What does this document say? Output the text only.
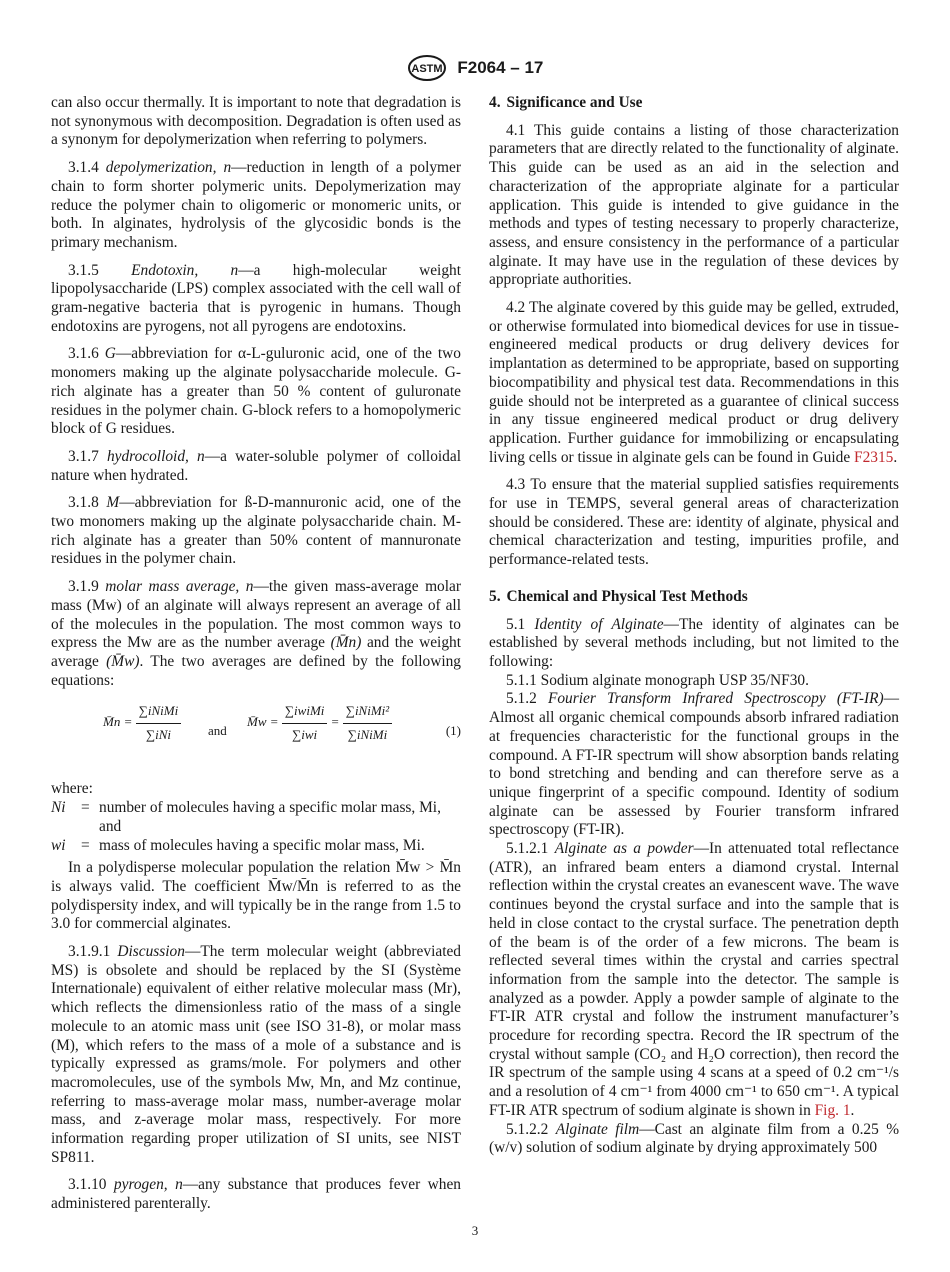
ASTM F2064 – 17

can also occur thermally. It is important to note that degradation is not synonymous with decomposition. Degradation is often used as a synonym for depolymerization when referring to polymers.

3.1.4 depolymerization, n—reduction in length of a polymer chain to form shorter polymeric units. Depolymerization may reduce the polymer chain to oligomeric or monomeric units, or both. In alginates, hydrolysis of the glycosidic bonds is the primary mechanism.

3.1.5 Endotoxin, n—a high-molecular weight lipopolysaccharide (LPS) complex associated with the cell wall of gram-negative bacteria that is pyrogenic in humans. Though endotoxins are pyrogens, not all pyrogens are endotoxins.

3.1.6 G—abbreviation for α-L-guluronic acid, one of the two monomers making up the alginate polysaccharide molecule. G-rich alginate has a greater than 50 % content of guluronate residues in the polymer chain. G-block refers to a homopolymeric block of G residues.

3.1.7 hydrocolloid, n—a water-soluble polymer of colloidal nature when hydrated.

3.1.8 M—abbreviation for ß-D-mannuronic acid, one of the two monomers making up the alginate polysaccharide chain. M-rich alginate has a greater than 50% content of mannuronate residues in the polymer chain.

3.1.9 molar mass average, n—the given mass-average molar mass (Mw) of an alginate will always represent an average of all of the molecules in the population. The most common ways to express the Mw are as the number average (M̄n) and the weight average (M̄w). The two averages are defined by the following equations:

M̄n = $\frac{\text{∑iNiMi}}{\text{∑iNi}}$ and
M̄w = $\frac{\text{∑iwiMi}}{\text{∑iwi}} = \frac{\text{∑iNiMi²}}{\text{∑iNiMi}}$	(1)

where:

Ni	= number of molecules having a specific molar mass, Mi, and
wi	= mass of molecules having a specific molar mass, Mi.

In a polydisperse molecular population the relation M̄w > M̄n is always valid. The coefficient M̄w/M̄n is referred to as the polydispersity index, and will typically be in the range from 1.5 to 3.0 for commercial alginates.

3.1.9.1 Discussion—The term molecular weight (abbreviated MS) is obsolete and should be replaced by the SI (Système Internationale) equivalent of either relative molecular mass (Mr), which reflects the dimensionless ratio of the mass of a single molecule to an atomic mass unit (see ISO 31-8), or molar mass (M), which refers to the mass of a mole of a substance and is typically expressed as grams/mole. For polymers and other macromolecules, use of the symbols Mw, Mn, and Mz continue, referring to mass-average molar mass, number-average molar mass, and z-average molar mass, respectively. For more information regarding proper utilization of SI units, see NIST SP811.

3.1.10 pyrogen, n—any substance that produces fever when administered parenterally.

4. Significance and Use

4.1 This guide contains a listing of those characterization parameters that are directly related to the functionality of alginate. This guide can be used as an aid in the selection and characterization of the appropriate alginate for a particular application. This guide is intended to give guidance in the methods and types of testing necessary to properly characterize, assess, and ensure consistency in the performance of a particular alginate. It may have use in the regulation of these devices by appropriate authorities.

4.2 The alginate covered by this guide may be gelled, extruded, or otherwise formulated into biomedical devices for use in tissue-engineered medical products or drug delivery devices for implantation as determined to be appropriate, based on supporting biocompatibility and physical test data. Recommendations in this guide should not be interpreted as a guarantee of clinical success in any tissue engineered medical product or drug delivery application. Further guidance for immobilizing or encapsulating living cells or tissue in alginate gels can be found in Guide F2315.

4.3 To ensure that the material supplied satisfies requirements for use in TEMPS, several general areas of characterization should be considered. These are: identity of alginate, physical and chemical characterization and testing, impurities profile, and performance-related tests.

5. Chemical and Physical Test Methods

5.1 Identity of Alginate—The identity of alginates can be established by several methods including, but not limited to the following:

5.1.1 Sodium alginate monograph USP 35/NF30.

5.1.2 Fourier Transform Infrared Spectroscopy (FT-IR)—Almost all organic chemical compounds absorb infrared radiation at frequencies characteristic for the functional groups in the compound. A FT-IR spectrum will show absorption bands relating to bond stretching and bending and can therefore serve as a unique fingerprint of a specific compound. Identity of sodium alginate can be assessed by Fourier transform infrared spectroscopy (FT-IR).

5.1.2.1 Alginate as a powder—In attenuated total reflectance (ATR), an infrared beam enters a diamond crystal. Internal reflection within the crystal creates an evanescent wave. The wave continues beyond the crystal surface and into the sample that is held in close contact to the crystal surface. The penetration depth of the beam is of the order of a few microns. The beam is reflected several times within the crystal and carries spectral information from the sample into the detector. The sample is analyzed as a powder. Apply a powder sample of alginate to the FT-IR ATR crystal and follow the instrument manufacturer’s procedure for recording spectra. Record the IR spectrum of the crystal without sample (CO₂ and H₂O correction), then record the IR spectrum of the sample using 4 scans at a speed of 0.2 cm⁻¹/s and a resolution of 4 cm⁻¹ from 4000 cm⁻¹ to 650 cm⁻¹. A typical FT-IR ATR spectrum of sodium alginate is shown in Fig. 1.

5.1.2.2 Alginate film—Cast an alginate film from a 0.25 % (w/v) solution of sodium alginate by drying approximately 500

3
